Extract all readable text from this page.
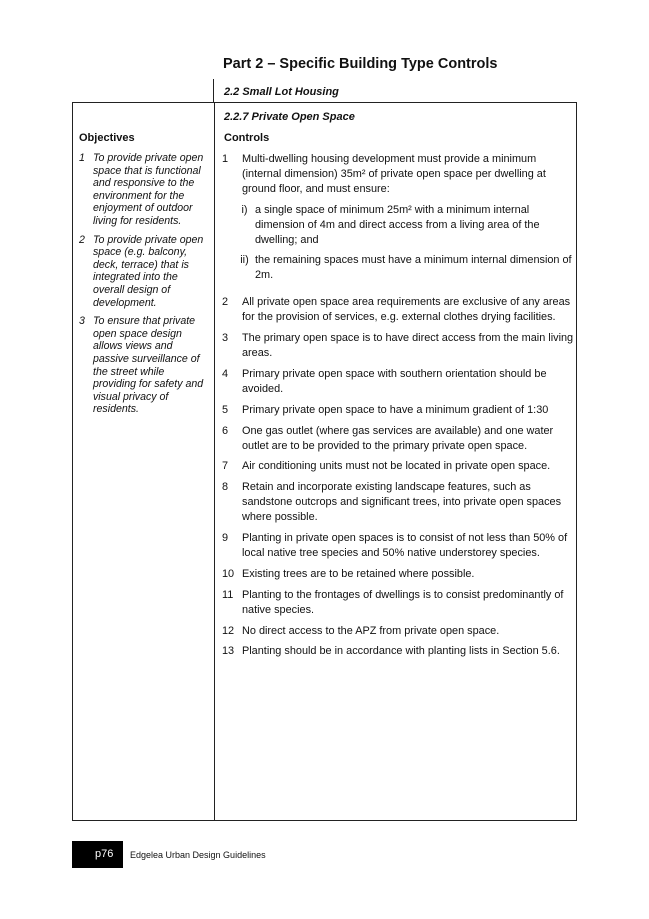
Part 2 – Specific Building Type Controls
2.2 Small Lot Housing
2.2.7 Private Open Space
Objectives	Controls
1 To provide private open space that is functional and responsive to the environment for the enjoyment of outdoor living for residents.
2 To provide private open space (e.g. balcony, deck, terrace) that is integrated into the overall design of development.
3 To ensure that private open space design allows views and passive surveillance of the street while providing for safety and visual privacy of residents.
1	Multi-dwelling housing development must provide a minimum (internal dimension) 35m² of private open space per dwelling at ground floor, and must ensure:
i) a single space of minimum 25m² with a minimum internal dimension of 4m and direct access from a living area of the dwelling; and
ii) the remaining spaces must have a minimum internal dimension of 2m.
2	All private open space area requirements are exclusive of any areas for the provision of services, e.g. external clothes drying facilities.
3	The primary open space is to have direct access from the main living areas.
4	Primary private open space with southern orientation should be avoided.
5	Primary private open space to have a minimum gradient of 1:30
6	One gas outlet (where gas services are available) and one water outlet are to be provided to the primary private open space.
7	Air conditioning units must not be located in private open space.
8	Retain and incorporate existing landscape features, such as sandstone outcrops and significant trees, into private open spaces where possible.
9	Planting in private open spaces is to consist of not less than 50% of local native tree species and 50% native understorey species.
10 Existing trees are to be retained where possible.
11 Planting to the frontages of dwellings is to consist predominantly of native species.
12 No direct access to the APZ from private open space.
13 Planting should be in accordance with planting lists in Section 5.6.
p76 Edgelea Urban Design Guidelines
